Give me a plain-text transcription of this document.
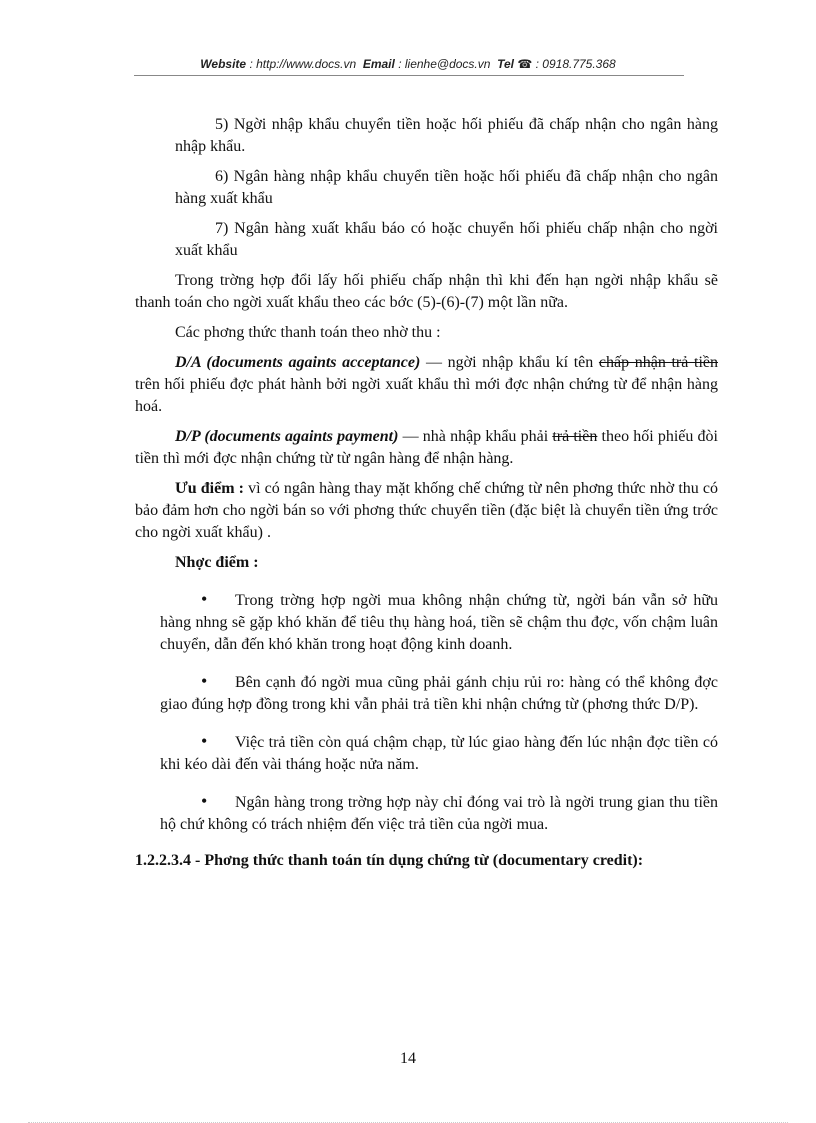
Website : http://www.docs.vn Email : lienhe@docs.vn Tel ☎ : 0918.775.368

5) Ngời nhập khẩu chuyển tiền hoặc hối phiếu đã chấp nhận cho ngân hàng nhập khẩu.

6) Ngân hàng nhập khẩu chuyển tiền hoặc hối phiếu đã chấp nhận cho ngân hàng xuất khẩu

7) Ngân hàng xuất khẩu báo có hoặc chuyển hối phiếu chấp nhận cho ngời xuất khẩu

Trong trờng hợp đổi lấy hối phiếu chấp nhận thì khi đến hạn ngời nhập khẩu sẽ thanh toán cho ngời xuất khẩu theo các bớc (5)-(6)-(7) một lần nữa.

Các phơng thức thanh toán theo nhờ thu :

D/A (documents againts acceptance) — ngời nhập khẩu kí tên chấp nhận trả tiền trên hối phiếu đợc phát hành bởi ngời xuất khẩu thì mới đợc nhận chứng từ để nhận hàng hoá.

D/P (documents againts payment) — nhà nhập khẩu phải trả tiền theo hối phiếu đòi tiền thì mới đợc nhận chứng từ từ ngân hàng để nhận hàng.

Ưu điểm : vì có ngân hàng thay mặt khống chế chứng từ nên phơng thức nhờ thu có bảo đảm hơn cho ngời bán so với phơng thức chuyển tiền (đặc biệt là chuyển tiền ứng trớc cho ngời xuất khẩu) .

Nhợc điểm :

• Trong trờng hợp ngời mua không nhận chứng từ, ngời bán vẫn sở hữu hàng nhng sẽ gặp khó khăn để tiêu thụ hàng hoá, tiền sẽ chậm thu đợc, vốn chậm luân chuyển, dẫn đến khó khăn trong hoạt động kinh doanh.

• Bên cạnh đó ngời mua cũng phải gánh chịu rủi ro: hàng có thể không đợc giao đúng hợp đồng trong khi vẫn phải trả tiền khi nhận chứng từ (phơng thức D/P).

• Việc trả tiền còn quá chậm chạp, từ lúc giao hàng đến lúc nhận đợc tiền có khi kéo dài đến vài tháng hoặc nửa năm.

• Ngân hàng trong trờng hợp này chỉ đóng vai trò là ngời trung gian thu tiền hộ chứ không có trách nhiệm đến việc trả tiền của ngời mua.

1.2.2.3.4 - Phơng thức thanh toán tín dụng chứng từ (documentary credit):

14
